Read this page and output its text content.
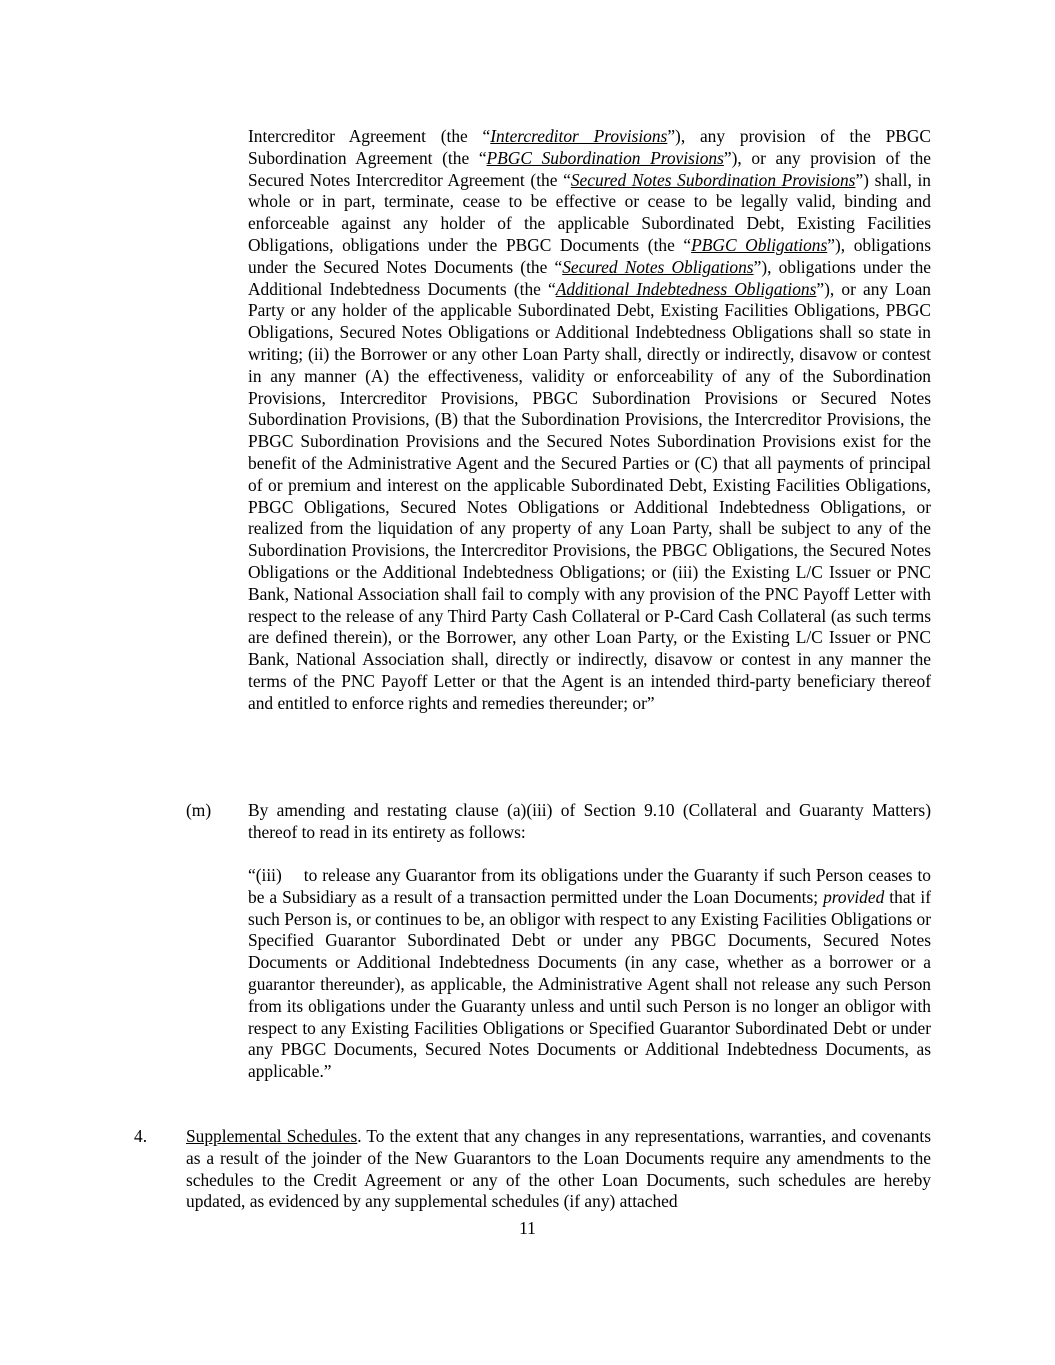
Intercreditor Agreement (the “Intercreditor Provisions”), any provision of the PBGC Subordination Agreement (the “PBGC Subordination Provisions”), or any provision of the Secured Notes Intercreditor Agreement (the “Secured Notes Subordination Provisions”) shall, in whole or in part, terminate, cease to be effective or cease to be legally valid, binding and enforceable against any holder of the applicable Subordinated Debt, Existing Facilities Obligations, obligations under the PBGC Documents (the “PBGC Obligations”), obligations under the Secured Notes Documents (the “Secured Notes Obligations”), obligations under the Additional Indebtedness Documents (the “Additional Indebtedness Obligations”), or any Loan Party or any holder of the applicable Subordinated Debt, Existing Facilities Obligations, PBGC Obligations, Secured Notes Obligations or Additional Indebtedness Obligations shall so state in writing; (ii) the Borrower or any other Loan Party shall, directly or indirectly, disavow or contest in any manner (A) the effectiveness, validity or enforceability of any of the Subordination Provisions, Intercreditor Provisions, PBGC Subordination Provisions or Secured Notes Subordination Provisions, (B) that the Subordination Provisions, the Intercreditor Provisions, the PBGC Subordination Provisions and the Secured Notes Subordination Provisions exist for the benefit of the Administrative Agent and the Secured Parties or (C) that all payments of principal of or premium and interest on the applicable Subordinated Debt, Existing Facilities Obligations, PBGC Obligations, Secured Notes Obligations or Additional Indebtedness Obligations, or realized from the liquidation of any property of any Loan Party, shall be subject to any of the Subordination Provisions, the Intercreditor Provisions, the PBGC Obligations, the Secured Notes Obligations or the Additional Indebtedness Obligations; or (iii) the Existing L/C Issuer or PNC Bank, National Association shall fail to comply with any provision of the PNC Payoff Letter with respect to the release of any Third Party Cash Collateral or P-Card Cash Collateral (as such terms are defined therein), or the Borrower, any other Loan Party, or the Existing L/C Issuer or PNC Bank, National Association shall, directly or indirectly, disavow or contest in any manner the terms of the PNC Payoff Letter or that the Agent is an intended third-party beneficiary thereof and entitled to enforce rights and remedies thereunder; or”

(m) By amending and restating clause (a)(iii) of Section 9.10 (Collateral and Guaranty Matters) thereof to read in its entirety as follows:

“(iii) to release any Guarantor from its obligations under the Guaranty if such Person ceases to be a Subsidiary as a result of a transaction permitted under the Loan Documents; provided that if such Person is, or continues to be, an obligor with respect to any Existing Facilities Obligations or Specified Guarantor Subordinated Debt or under any PBGC Documents, Secured Notes Documents or Additional Indebtedness Documents (in any case, whether as a borrower or a guarantor thereunder), as applicable, the Administrative Agent shall not release any such Person from its obligations under the Guaranty unless and until such Person is no longer an obligor with respect to any Existing Facilities Obligations or Specified Guarantor Subordinated Debt or under any PBGC Documents, Secured Notes Documents or Additional Indebtedness Documents, as applicable.”

4. Supplemental Schedules. To the extent that any changes in any representations, warranties, and covenants as a result of the joinder of the New Guarantors to the Loan Documents require any amendments to the schedules to the Credit Agreement or any of the other Loan Documents, such schedules are hereby updated, as evidenced by any supplemental schedules (if any) attached

11
